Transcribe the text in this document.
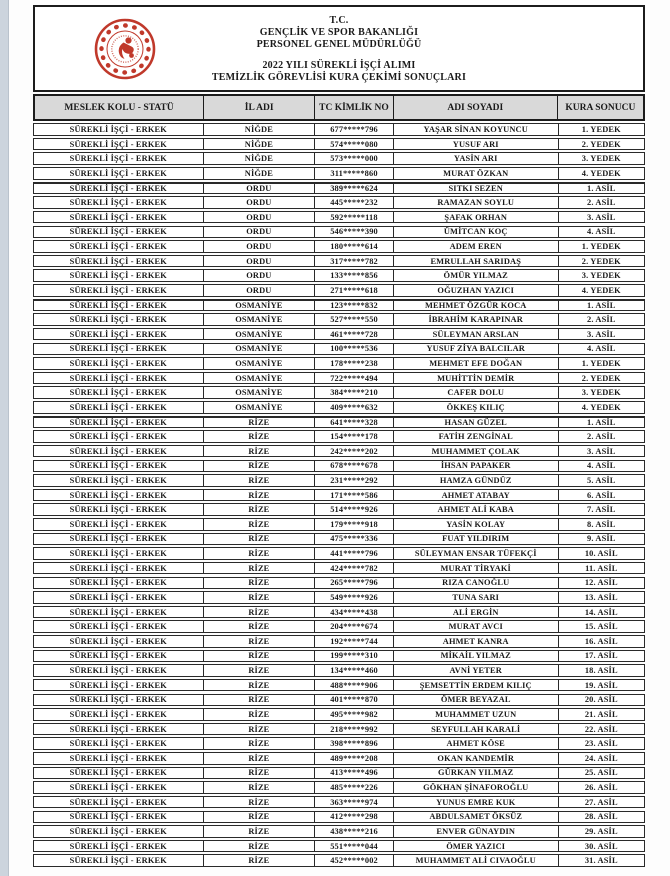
T.C.
GENÇLİK VE SPOR BAKANLIĞI
PERSONEL GENEL MÜDÜRLÜĞÜ
2022 YILI SÜREKLİ İŞÇİ ALIMI
TEMİZLİK GÖREVLİSİ KURA ÇEKİMİ SONUÇLARI
MESLEK KOLU - STATÜ	İL ADI	TC KİMLİK NO	ADI SOYADI	KURA SONUCU
SÜREKLİ İŞÇİ - ERKEK	NİĞDE	677*****796	YAŞAR SİNAN KOYUNCU	1. YEDEK
SÜREKLİ İŞÇİ - ERKEK	NİĞDE	574*****080	YUSUF ARI	2. YEDEK
SÜREKLİ İŞÇİ - ERKEK	NİĞDE	573*****000	YASİN ARI	3. YEDEK
SÜREKLİ İŞÇİ - ERKEK	NİĞDE	311*****860	MURAT ÖZKAN	4. YEDEK
SÜREKLİ İŞÇİ - ERKEK	ORDU	389*****624	SITKI SEZEN	1. ASİL
SÜREKLİ İŞÇİ - ERKEK	ORDU	445*****232	RAMAZAN SOYLU	2. ASİL
SÜREKLİ İŞÇİ - ERKEK	ORDU	592*****118	ŞAFAK ORHAN	3. ASİL
SÜREKLİ İŞÇİ - ERKEK	ORDU	546*****390	ÜMİTCAN KOÇ	4. ASİL
SÜREKLİ İŞÇİ - ERKEK	ORDU	180*****614	ADEM EREN	1. YEDEK
SÜREKLİ İŞÇİ - ERKEK	ORDU	317*****782	EMRULLAH SARIDAŞ	2. YEDEK
SÜREKLİ İŞÇİ - ERKEK	ORDU	133*****856	ÖMÜR YILMAZ	3. YEDEK
SÜREKLİ İŞÇİ - ERKEK	ORDU	271*****618	OĞUZHAN YAZICI	4. YEDEK
SÜREKLİ İŞÇİ - ERKEK	OSMANİYE	123*****832	MEHMET ÖZGÜR KOCA	1. ASİL
SÜREKLİ İŞÇİ - ERKEK	OSMANİYE	527*****550	İBRAHİM KARAPINAR	2. ASİL
SÜREKLİ İŞÇİ - ERKEK	OSMANİYE	461*****728	SÜLEYMAN ARSLAN	3. ASİL
SÜREKLİ İŞÇİ - ERKEK	OSMANİYE	100*****536	YUSUF ZİYA BALCILAR	4. ASİL
SÜREKLİ İŞÇİ - ERKEK	OSMANİYE	178*****238	MEHMET EFE DOĞAN	1. YEDEK
SÜREKLİ İŞÇİ - ERKEK	OSMANİYE	722*****494	MUHİTTİN DEMİR	2. YEDEK
SÜREKLİ İŞÇİ - ERKEK	OSMANİYE	384*****210	CAFER DOLU	3. YEDEK
SÜREKLİ İŞÇİ - ERKEK	OSMANİYE	409*****632	ÖKKEŞ KILIÇ	4. YEDEK
SÜREKLİ İŞÇİ - ERKEK	RİZE	641*****328	HASAN GÜZEL	1. ASİL
SÜREKLİ İŞÇİ - ERKEK	RİZE	154*****178	FATİH ZENGİNAL	2. ASİL
SÜREKLİ İŞÇİ - ERKEK	RİZE	242*****202	MUHAMMET ÇOLAK	3. ASİL
SÜREKLİ İŞÇİ - ERKEK	RİZE	678*****678	İHSAN PAPAKER	4. ASİL
SÜREKLİ İŞÇİ - ERKEK	RİZE	231*****292	HAMZA GÜNDÜZ	5. ASİL
SÜREKLİ İŞÇİ - ERKEK	RİZE	171*****586	AHMET ATABAY	6. ASİL
SÜREKLİ İŞÇİ - ERKEK	RİZE	514*****926	AHMET ALİ KABA	7. ASİL
SÜREKLİ İŞÇİ - ERKEK	RİZE	179*****918	YASİN KOLAY	8. ASİL
SÜREKLİ İŞÇİ - ERKEK	RİZE	475*****336	FUAT YILDIRIM	9. ASİL
SÜREKLİ İŞÇİ - ERKEK	RİZE	441*****796	SÜLEYMAN ENSAR TÜFEKÇİ	10. ASİL
SÜREKLİ İŞÇİ - ERKEK	RİZE	424*****782	MURAT TİRYAKİ	11. ASİL
SÜREKLİ İŞÇİ - ERKEK	RİZE	265*****796	RIZA CANOĞLU	12. ASİL
SÜREKLİ İŞÇİ - ERKEK	RİZE	549*****926	TUNA SARI	13. ASİL
SÜREKLİ İŞÇİ - ERKEK	RİZE	434*****438	ALİ ERGİN	14. ASİL
SÜREKLİ İŞÇİ - ERKEK	RİZE	204*****674	MURAT AVCI	15. ASİL
SÜREKLİ İŞÇİ - ERKEK	RİZE	192*****744	AHMET KANRA	16. ASİL
SÜREKLİ İŞÇİ - ERKEK	RİZE	199*****310	MİKAİL YILMAZ	17. ASİL
SÜREKLİ İŞÇİ - ERKEK	RİZE	134*****460	AVNİ YETER	18. ASİL
SÜREKLİ İŞÇİ - ERKEK	RİZE	488*****906	ŞEMSETTİN ERDEM KILIÇ	19. ASİL
SÜREKLİ İŞÇİ - ERKEK	RİZE	401*****870	ÖMER BEYAZAL	20. ASİL
SÜREKLİ İŞÇİ - ERKEK	RİZE	495*****982	MUHAMMET UZUN	21. ASİL
SÜREKLİ İŞÇİ - ERKEK	RİZE	218*****992	SEYFULLAH KARALİ	22. ASİL
SÜREKLİ İŞÇİ - ERKEK	RİZE	398*****896	AHMET KÖSE	23. ASİL
SÜREKLİ İŞÇİ - ERKEK	RİZE	489*****208	OKAN KANDEMİR	24. ASİL
SÜREKLİ İŞÇİ - ERKEK	RİZE	413*****496	GÜRKAN YILMAZ	25. ASİL
SÜREKLİ İŞÇİ - ERKEK	RİZE	485*****226	GÖKHAN ŞİNAFOROĞLU	26. ASİL
SÜREKLİ İŞÇİ - ERKEK	RİZE	363*****974	YUNUS EMRE KUK	27. ASİL
SÜREKLİ İŞÇİ - ERKEK	RİZE	412*****298	ABDULSAMET ÖKSÜZ	28. ASİL
SÜREKLİ İŞÇİ - ERKEK	RİZE	438*****216	ENVER GÜNAYDIN	29. ASİL
SÜREKLİ İŞÇİ - ERKEK	RİZE	551*****044	ÖMER YAZICI	30. ASİL
SÜREKLİ İŞÇİ - ERKEK	RİZE	452*****002	MUHAMMET ALİ CIVAOĞLU	31. ASİL
